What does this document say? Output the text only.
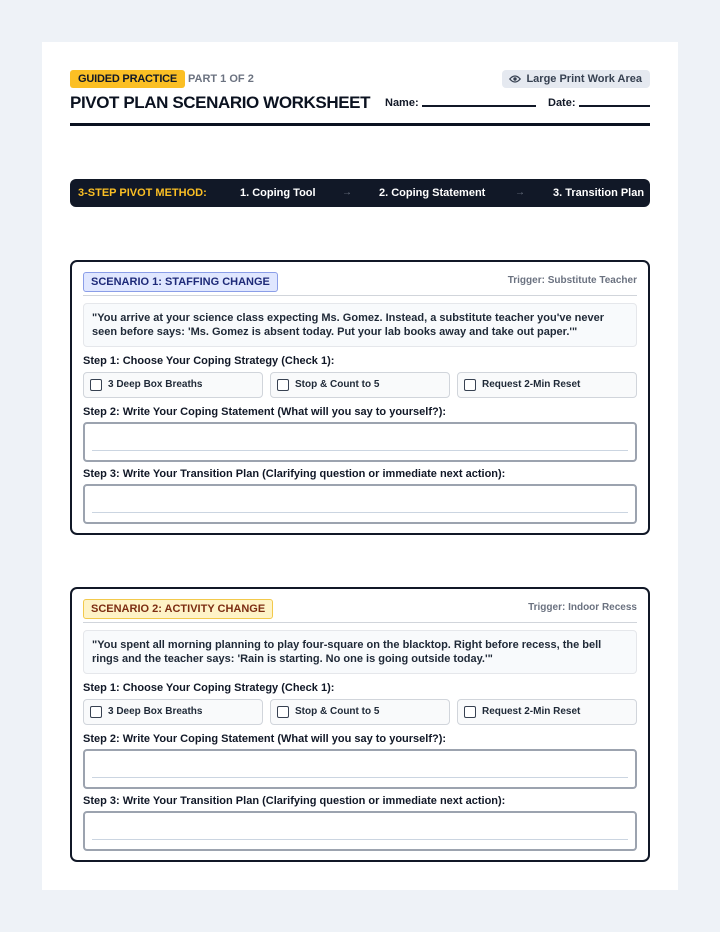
GUIDED PRACTICE PART 1 OF 2	Large Print Work Area
PIVOT PLAN SCENARIO WORKSHEET Name:	Date:
3-STEP PIVOT METHOD:	1. Coping Tool	→ 2. Coping Statement	→	3. Transition Plan
SCENARIO 1: STAFFING CHANGE	Trigger: Substitute Teacher
"You arrive at your science class expecting Ms. Gomez. Instead, a substitute teacher you've never seen before says: 'Ms. Gomez is absent today. Put your lab books away and take out paper.'"
Step 1: Choose Your Coping Strategy (Check 1):
3 Deep Box Breaths	Stop & Count to 5	Request 2-Min Reset
Step 2: Write Your Coping Statement (What will you say to yourself?):
Step 3: Write Your Transition Plan (Clarifying question or immediate next action):
SCENARIO 2: ACTIVITY CHANGE	Trigger: Indoor Recess
"You spent all morning planning to play four-square on the blacktop. Right before recess, the bell rings and the teacher says: 'Rain is starting. No one is going outside today.'"
Step 1: Choose Your Coping Strategy (Check 1):
3 Deep Box Breaths	Stop & Count to 5	Request 2-Min Reset
Step 2: Write Your Coping Statement (What will you say to yourself?):
Step 3: Write Your Transition Plan (Clarifying question or immediate next action):
